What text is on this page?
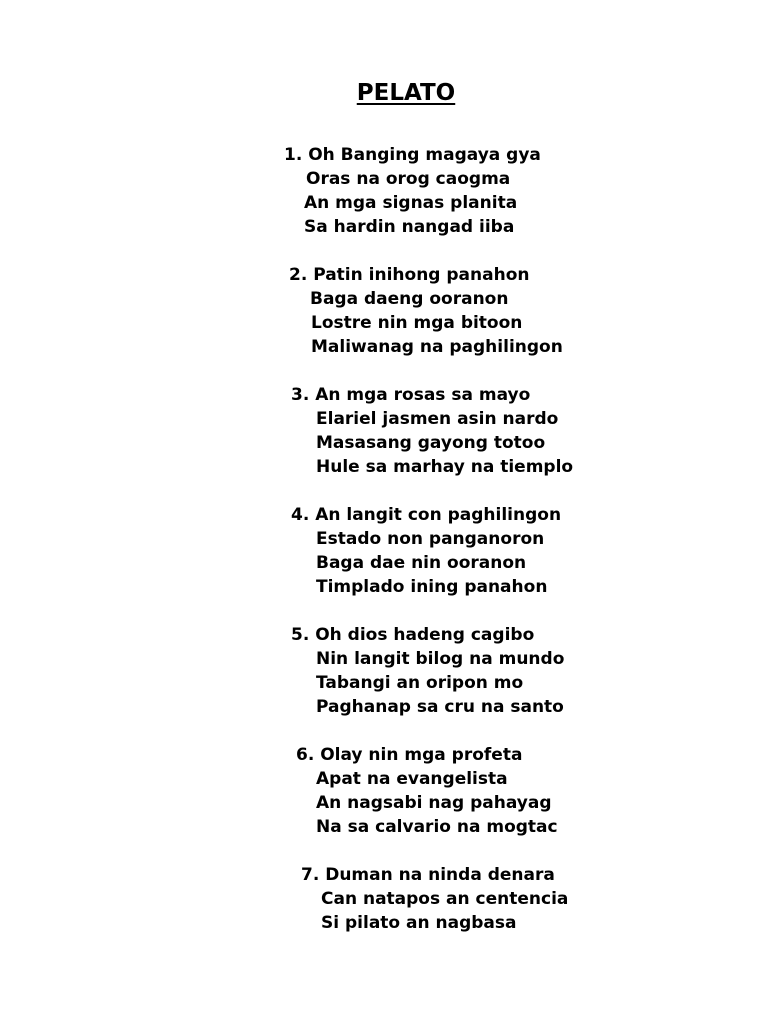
PELATO
1. Oh Banging magaya gya
Oras na orog caogma
An mga signas planita
Sa hardin nangad iiba
2. Patin inihong panahon
Baga daeng ooranon
Lostre nin mga bitoon
Maliwanag na paghilingon
3. An mga rosas sa mayo
Elariel jasmen asin nardo
Masasang gayong totoo
Hule sa marhay na tiemplo
4. An langit con paghilingon
Estado non panganoron
Baga dae nin ooranon
Timplado ining panahon
5. Oh dios hadeng cagibo
Nin langit bilog na mundo
Tabangi an oripon mo
Paghanap sa cru na santo
6. Olay nin mga profeta
Apat na evangelista
An nagsabi nag pahayag
Na sa calvario na mogtac
7. Duman na ninda denara
Can natapos an centencia
Si pilato an nagbasa
